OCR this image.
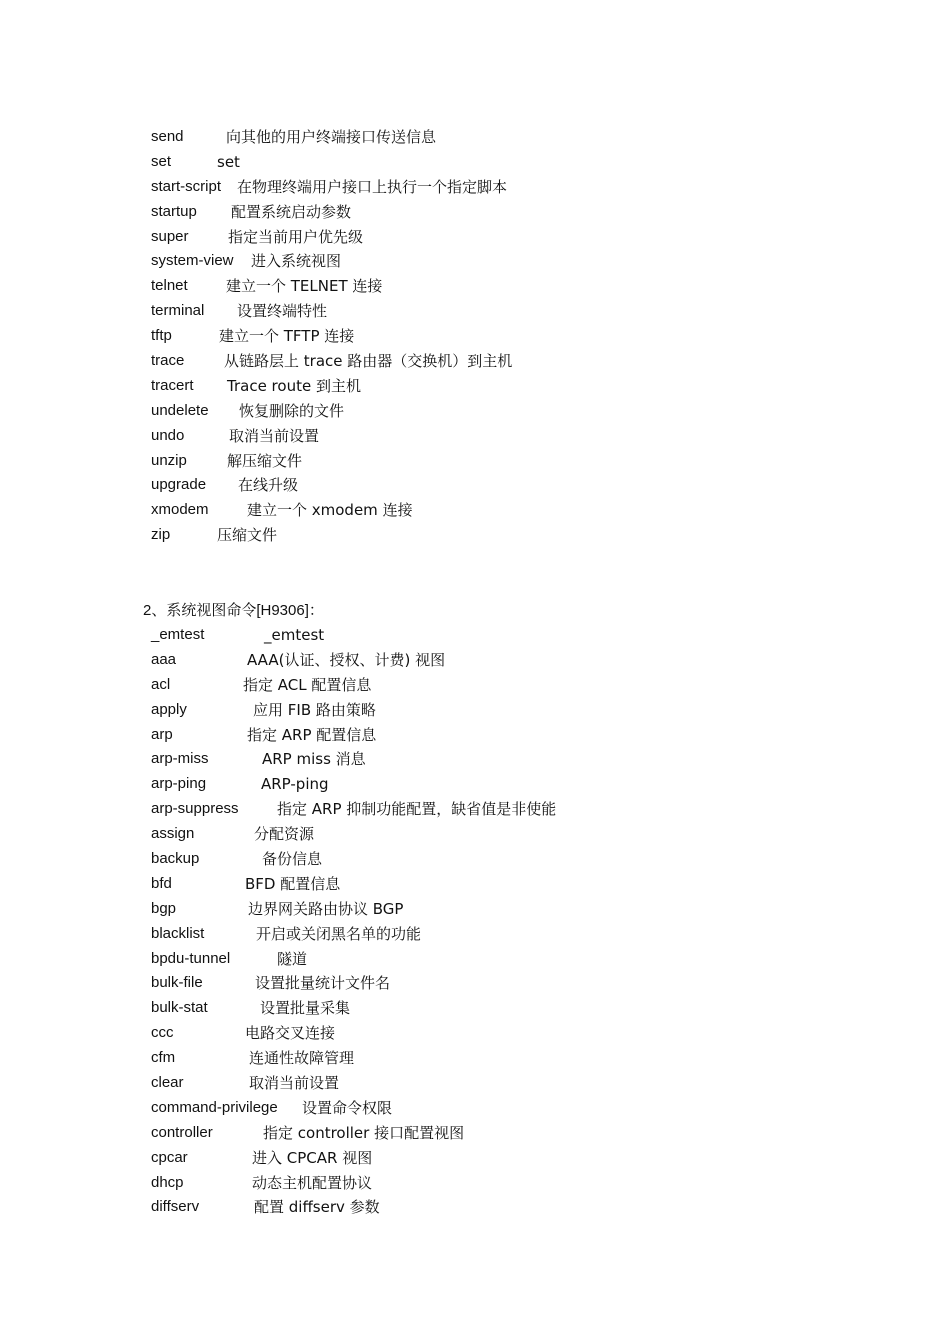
send	向其他的用户终端接口传送信息
set	set
start-script 在物理终端用户接口上执行一个指定脚本
startup 配置系统启动参数
super	指定当前用户优先级
system-view 进入系统视图
telnet	建立一个 TELNET 连接
terminal 设置终端特性
tftp	建立一个 TFTP 连接
trace	从链路层上 trace 路由器（交换机）到主机
tracert Trace route 到主机
undelete 恢复删除的文件
undo	取消当前设置
unzip	解压缩文件
upgrade 在线升级
xmodem	建立一个 xmodem 连接
zip	压缩文件
2、系统视图命令[H9306]：
_emtest	_emtest
aaa	AAA(认证、授权、计费) 视图
acl	指定 ACL 配置信息
apply	应用 FIB 路由策略
arp	指定 ARP 配置信息
arp-miss	ARP miss 消息
arp-ping	ARP-ping
arp-suppress	指定 ARP 抑制功能配置，缺省值是非使能
assign	分配资源
backup	备份信息
bfd	BFD 配置信息
bgp	边界网关路由协议 BGP
blacklist	开启或关闭黑名单的功能
bpdu-tunnel	隧道
bulk-file	设置批量统计文件名
bulk-stat	设置批量采集
ccc	电路交叉连接
cfm	连通性故障管理
clear	取消当前设置
command-privilege 设置命令权限
controller	指定 controller 接口配置视图
cpcar	进入 CPCAR 视图
dhcp	动态主机配置协议
diffserv	配置 diffserv 参数
